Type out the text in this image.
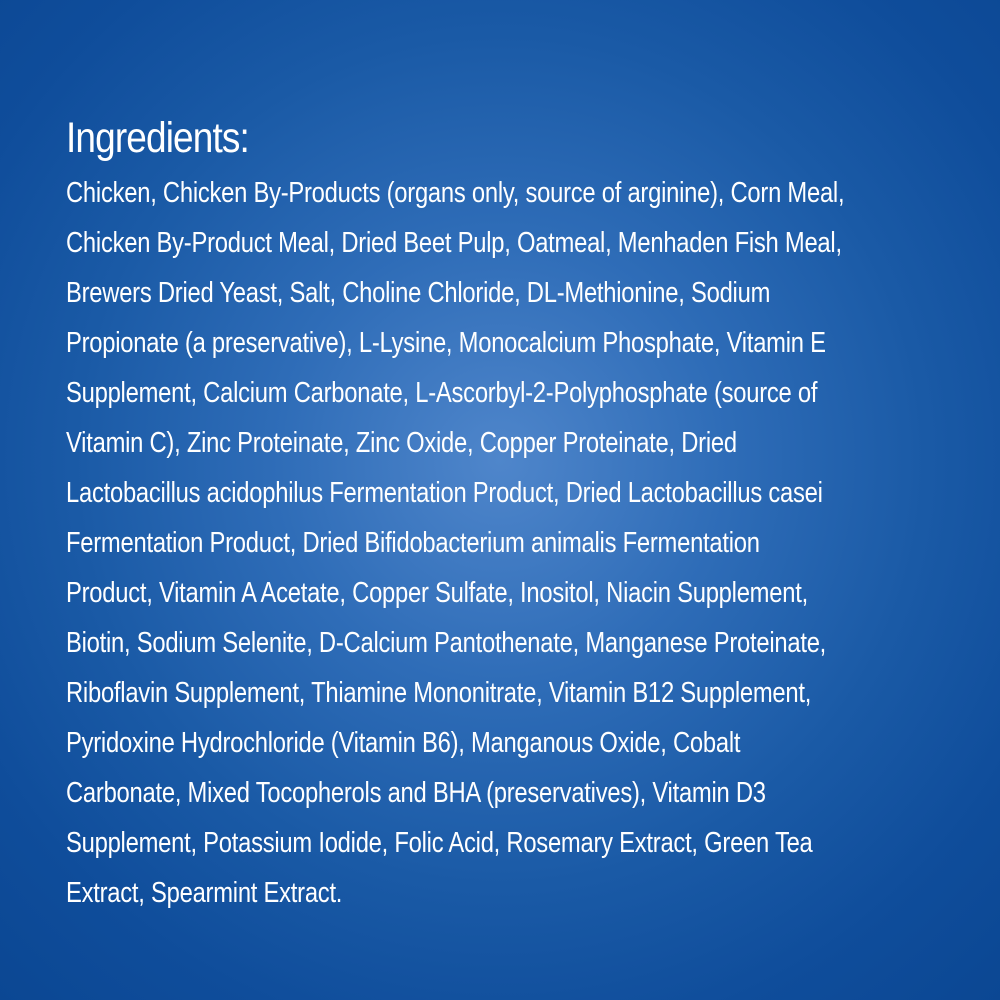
Ingredients:
Chicken, Chicken By-Products (organs only, source of arginine), Corn Meal,
Chicken By-Product Meal, Dried Beet Pulp, Oatmeal, Menhaden Fish Meal,
Brewers Dried Yeast, Salt, Choline Chloride, DL-Methionine, Sodium
Propionate (a preservative), L-Lysine, Monocalcium Phosphate, Vitamin E
Supplement, Calcium Carbonate, L-Ascorbyl-2-Polyphosphate (source of
Vitamin C), Zinc Proteinate, Zinc Oxide, Copper Proteinate, Dried
Lactobacillus acidophilus Fermentation Product, Dried Lactobacillus casei
Fermentation Product, Dried Bifidobacterium animalis Fermentation
Product, Vitamin A Acetate, Copper Sulfate, Inositol, Niacin Supplement,
Biotin, Sodium Selenite, D-Calcium Pantothenate, Manganese Proteinate,
Riboflavin Supplement, Thiamine Mononitrate, Vitamin B12 Supplement,
Pyridoxine Hydrochloride (Vitamin B6), Manganous Oxide, Cobalt
Carbonate, Mixed Tocopherols and BHA (preservatives), Vitamin D3
Supplement, Potassium Iodide, Folic Acid, Rosemary Extract, Green Tea
Extract, Spearmint Extract.
